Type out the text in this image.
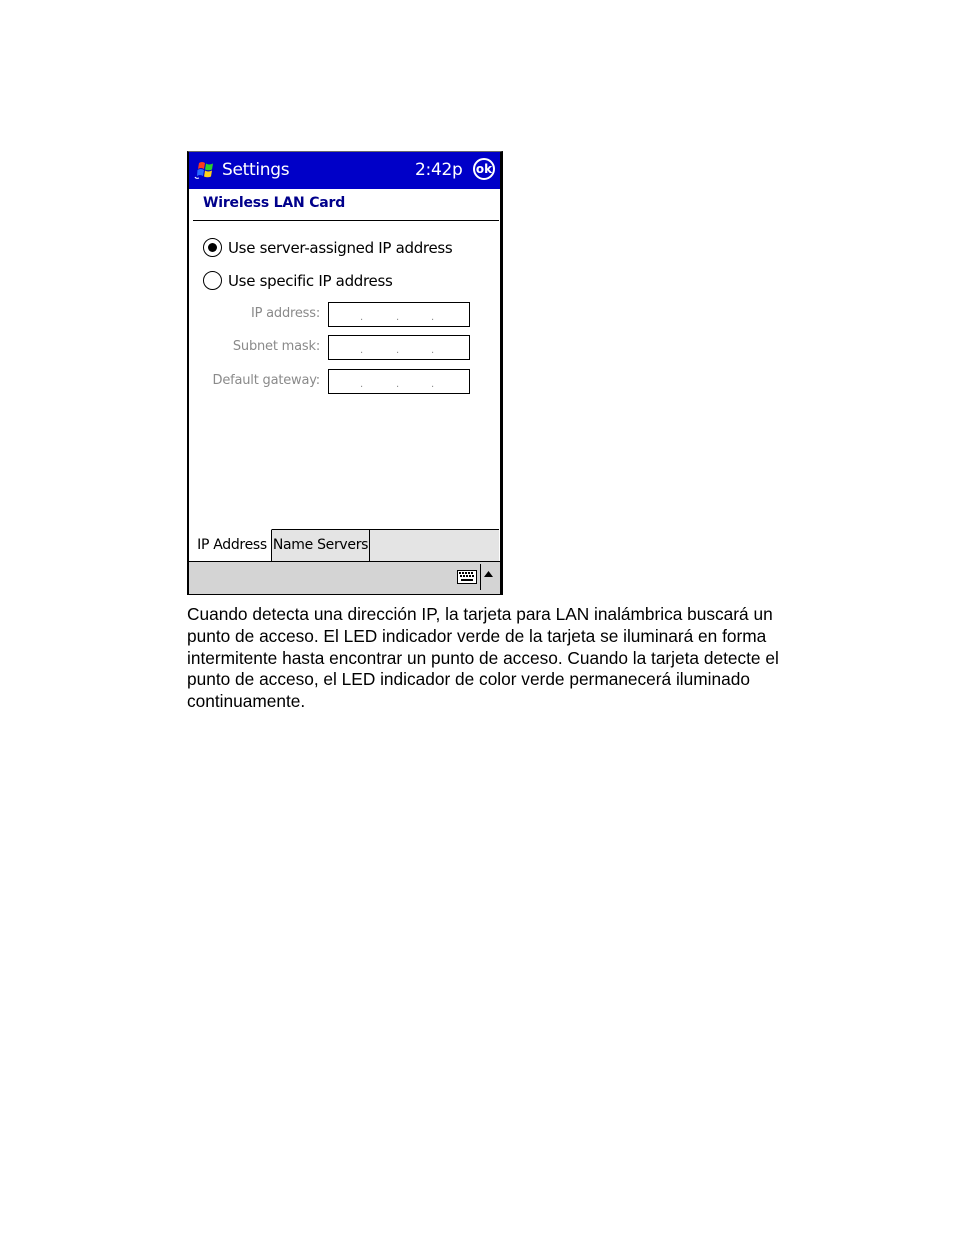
Settings	2:42p ok
Wireless LAN Card
Use server-assigned IP address
Use specific IP address
IP address:	.	.	.
Subnet mask:	.	.	.
Default gateway:	.	.	.
IP Address Name Servers
Cuando detecta una dirección IP, la tarjeta para LAN inalámbrica buscará un
punto de acceso. El LED indicador verde de la tarjeta se iluminará en forma
intermitente hasta encontrar un punto de acceso. Cuando la tarjeta detecte el
punto de acceso, el LED indicador de color verde permanecerá iluminado
continuamente.
